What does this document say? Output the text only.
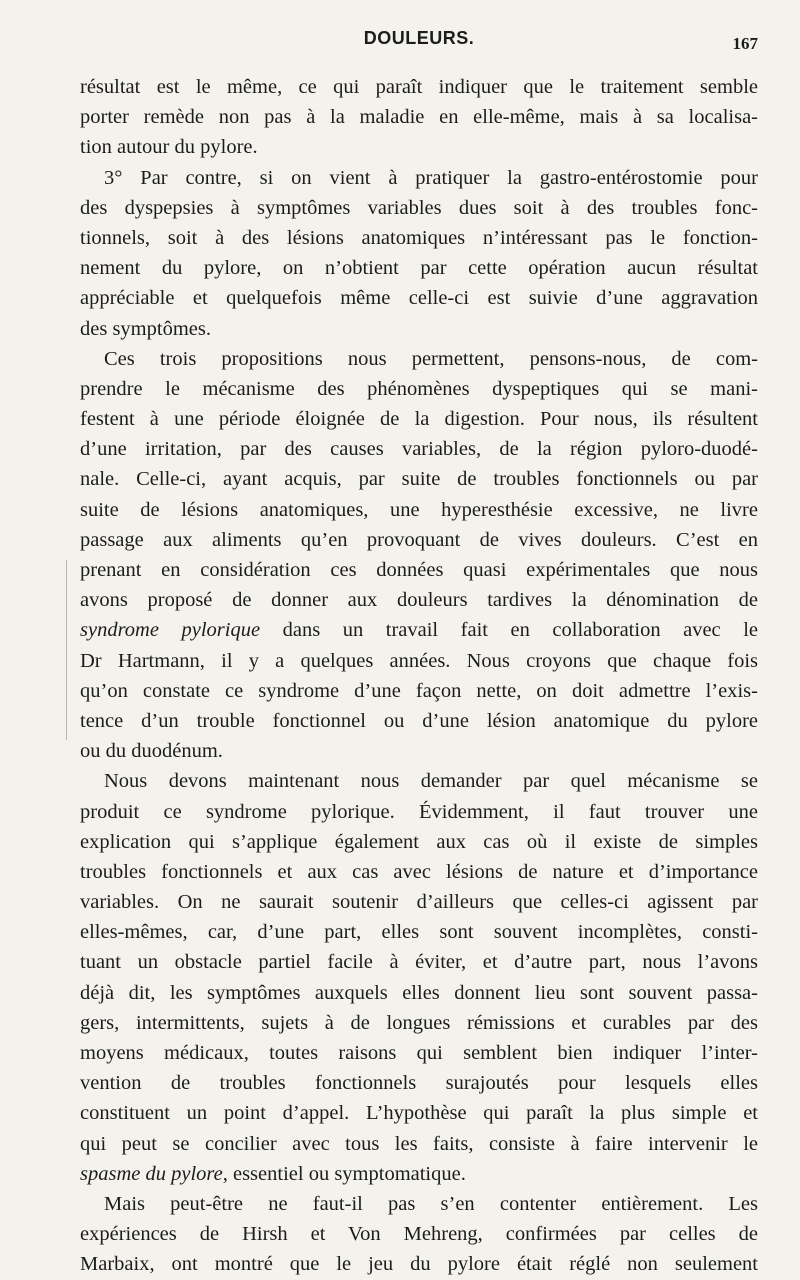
DOULEURS.	167
résultat est le même, ce qui paraît indiquer que le traitement semble
porter remède non pas à la maladie en elle-même, mais à sa localisa-
tion autour du pylore.
3° Par contre, si on vient à pratiquer la gastro-entérostomie pour
des dyspepsies à symptômes variables dues soit à des troubles fonc-
tionnels, soit à des lésions anatomiques n’intéressant pas le fonction-
nement du pylore, on n’obtient par cette opération aucun résultat
appréciable et quelquefois même celle-ci est suivie d’une aggravation
des symptômes.
Ces trois propositions nous permettent, pensons-nous, de com-
prendre le mécanisme des phénomènes dyspeptiques qui se mani-
festent à une période éloignée de la digestion. Pour nous, ils résultent
d’une irritation, par des causes variables, de la région pyloro-duodé-
nale. Celle-ci, ayant acquis, par suite de troubles fonctionnels ou par
suite de lésions anatomiques, une hyperesthésie excessive, ne livre
passage aux aliments qu’en provoquant de vives douleurs. C’est en
prenant en considération ces données quasi expérimentales que nous
avons proposé de donner aux douleurs tardives la dénomination de
syndrome pylorique dans un travail fait en collaboration avec le
Dr Hartmann, il y a quelques années. Nous croyons que chaque fois
qu’on constate ce syndrome d’une façon nette, on doit admettre l’exis-
tence d’un trouble fonctionnel ou d’une lésion anatomique du pylore
ou du duodénum.
Nous devons maintenant nous demander par quel mécanisme se
produit ce syndrome pylorique. Évidemment, il faut trouver une
explication qui s’applique également aux cas où il existe de simples
troubles fonctionnels et aux cas avec lésions de nature et d’importance
variables. On ne saurait soutenir d’ailleurs que celles-ci agissent par
elles-mêmes, car, d’une part, elles sont souvent incomplètes, consti-
tuant un obstacle partiel facile à éviter, et d’autre part, nous l’avons
déjà dit, les symptômes auxquels elles donnent lieu sont souvent passa-
gers, intermittents, sujets à de longues rémissions et curables par des
moyens médicaux, toutes raisons qui semblent bien indiquer l’inter-
vention de troubles fonctionnels surajoutés pour lesquels elles
constituent un point d’appel. L’hypothèse qui paraît la plus simple et
qui peut se concilier avec tous les faits, consiste à faire intervenir le
spasme du pylore, essentiel ou symptomatique.
Mais peut-être ne faut-il pas s’en contenter entièrement. Les
expériences de Hirsh et Von Mehreng, confirmées par celles de
Marbaix, ont montré que le jeu du pylore était réglé non seulement
